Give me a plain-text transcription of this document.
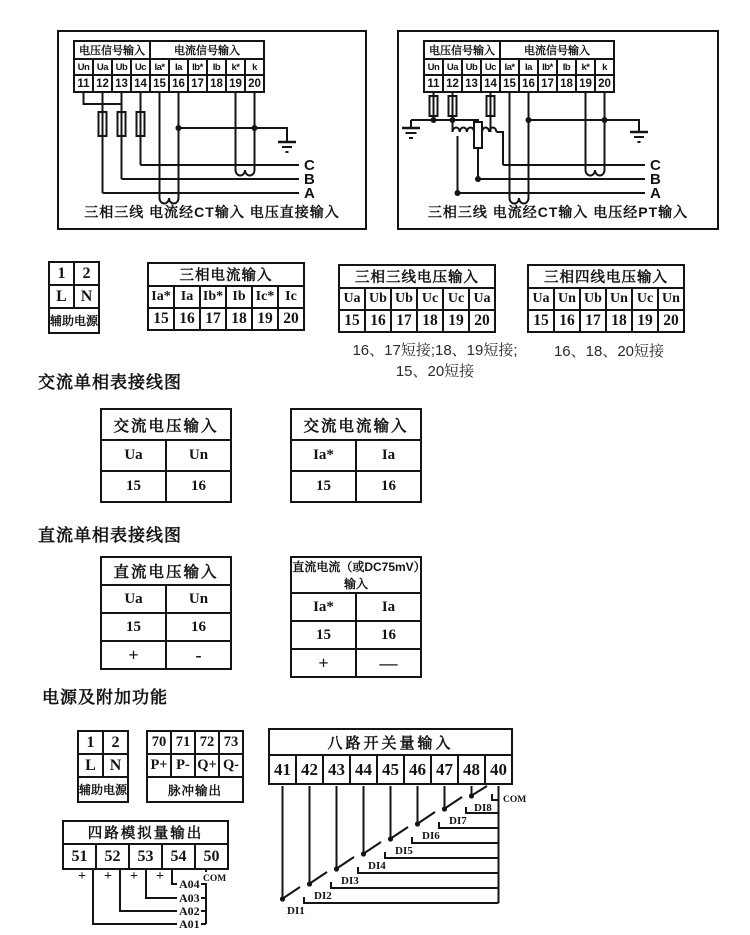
C
B
A
电压信号输入				电流信号输入					
Un	Ua	Ub	Uc	Ia*	Ia	Ib*	Ib	k*	k
11	12	13	14	15	16	17	18	19	20
三相三线 电流经CT输入 电压直接输入
C
B
A
电压信号输入				电流信号输入					
Un	Ua	Ub	Uc	Ia*	Ia	Ib*	Ib	k*	k
11	12	13	14	15	16	17	18	19	20
三相三线 电流经CT输入 电压经PT输入
1	2
L	N
辅助电源	
三相电流输入					
Ia*	Ia	Ib*	Ib	Ic*	Ic
15	16	17	18	19	20
三相三线电压输入					
Ua	Ub	Ub	Uc	Uc	Ua
15	16	17	18	19	20
三相四线电压输入					
Ua	Un	Ub	Un	Uc	Un
15	16	17	18	19	20
16、17短接;18、19短接;
15、20短接
16、18、20短接
交流单相表接线图
交流电压输入	
Ua	Un
15	16
交流电流输入	
Ia*	Ia
15	16
直流单相表接线图
直流电压输入	
Ua	Un
15	16
+	-
直流电流（或DC75mV）输入	
Ia*	Ia
15	16
+	—
电源及附加功能
1	2
L	N
辅助电源	
70	71	72	73
P+	P-	Q+	Q-
脉冲输出			
八路开关量输入
41	42	43	44	45	46	47	48	40
COM
DI1
DI2
DI3
DI4
DI5
DI6
DI7
DI8
四路模拟量输出
51	52	53	54	50
+ + + + A04
A03
A02
A01
COM
